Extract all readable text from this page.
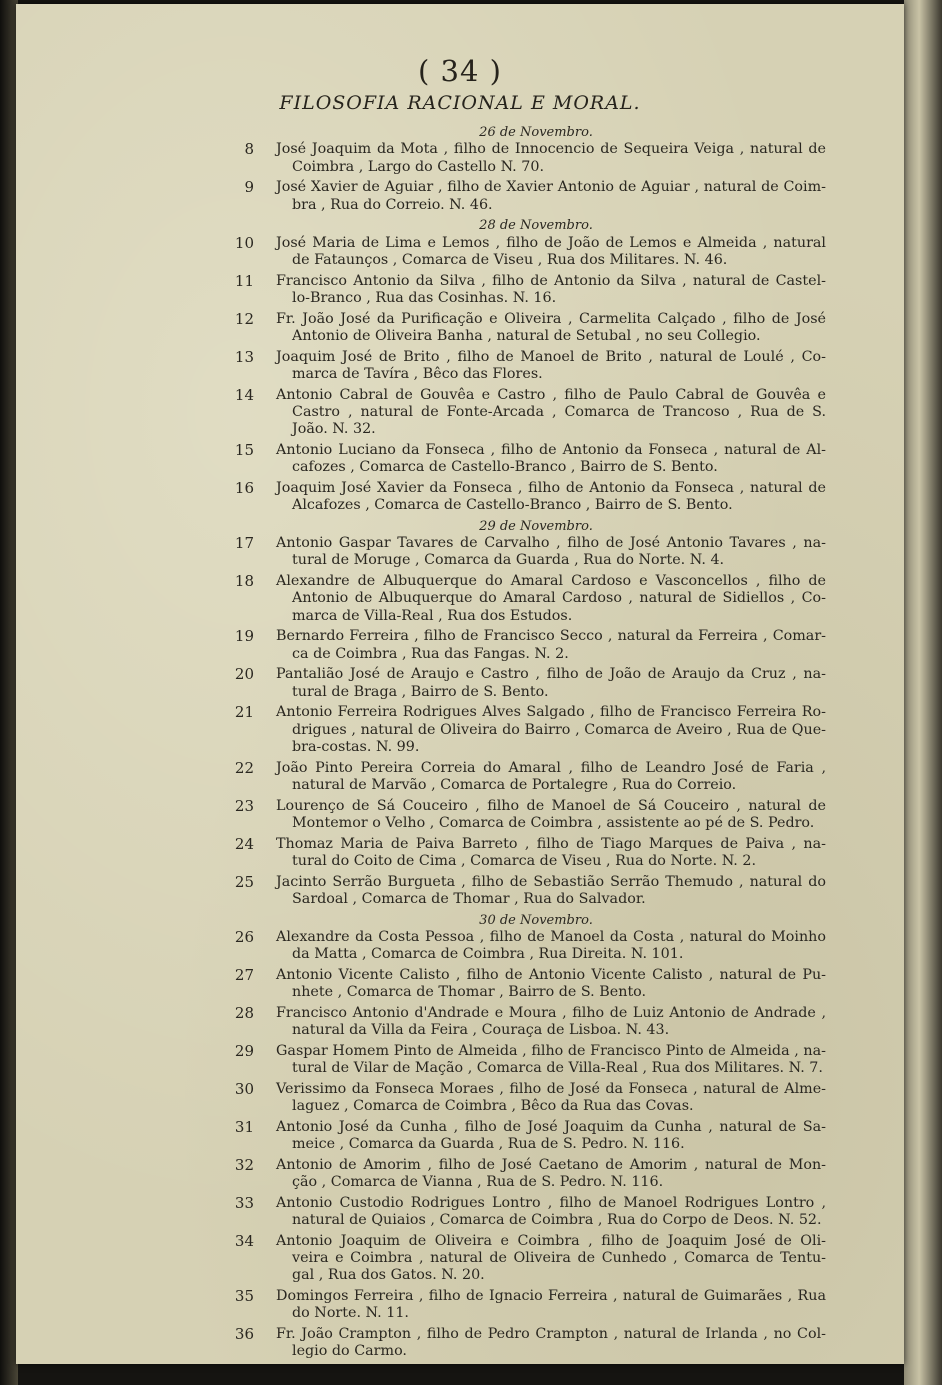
( 34 )
FILOSOFIA RACIONAL E MORAL.
26 de Novembro.
8 José Joaquim da Mota , filho de Innocencio de Sequeira Veiga , natural de
Coimbra , Largo do Castello N. 70.
9 José Xavier de Aguiar , filho de Xavier Antonio de Aguiar , natural de Coim-
bra , Rua do Correio. N. 46.
28 de Novembro.
10 José Maria de Lima e Lemos , filho de João de Lemos e Almeida , natural
de Fataunços , Comarca de Viseu , Rua dos Militares. N. 46.
11 Francisco Antonio da Silva , filho de Antonio da Silva , natural de Castel-
lo-Branco , Rua das Cosinhas. N. 16.
12 Fr. João José da Purificação e Oliveira , Carmelita Calçado , filho de José
Antonio de Oliveira Banha , natural de Setubal , no seu Collegio.
13 Joaquim José de Brito , filho de Manoel de Brito , natural de Loulé , Co-
marca de Tavíra , Bêco das Flores.
14 Antonio Cabral de Gouvêa e Castro , filho de Paulo Cabral de Gouvêa e
Castro , natural de Fonte-Arcada , Comarca de Trancoso , Rua de S.
João. N. 32.
15 Antonio Luciano da Fonseca , filho de Antonio da Fonseca , natural de Al-
cafozes , Comarca de Castello-Branco , Bairro de S. Bento.
16 Joaquim José Xavier da Fonseca , filho de Antonio da Fonseca , natural de
Alcafozes , Comarca de Castello-Branco , Bairro de S. Bento.
29 de Novembro.
17 Antonio Gaspar Tavares de Carvalho , filho de José Antonio Tavares , na-
tural de Moruge , Comarca da Guarda , Rua do Norte. N. 4.
18 Alexandre de Albuquerque do Amaral Cardoso e Vasconcellos , filho de
Antonio de Albuquerque do Amaral Cardoso , natural de Sidiellos , Co-
marca de Villa-Real , Rua dos Estudos.
19 Bernardo Ferreira , filho de Francisco Secco , natural da Ferreira , Comar-
ca de Coimbra , Rua das Fangas. N. 2.
20 Pantalião José de Araujo e Castro , filho de João de Araujo da Cruz , na-
tural de Braga , Bairro de S. Bento.
21 Antonio Ferreira Rodrigues Alves Salgado , filho de Francisco Ferreira Ro-
drigues , natural de Oliveira do Bairro , Comarca de Aveiro , Rua de Que-
bra-costas. N. 99.
22 João Pinto Pereira Correia do Amaral , filho de Leandro José de Faria ,
natural de Marvão , Comarca de Portalegre , Rua do Correio.
23 Lourenço de Sá Couceiro , filho de Manoel de Sá Couceiro , natural de
Montemor o Velho , Comarca de Coimbra , assistente ao pé de S. Pedro.
24 Thomaz Maria de Paiva Barreto , filho de Tiago Marques de Paiva , na-
tural do Coito de Cima , Comarca de Viseu , Rua do Norte. N. 2.
25 Jacinto Serrão Burgueta , filho de Sebastião Serrão Themudo , natural do
Sardoal , Comarca de Thomar , Rua do Salvador.
30 de Novembro.
26 Alexandre da Costa Pessoa , filho de Manoel da Costa , natural do Moinho
da Matta , Comarca de Coimbra , Rua Direita. N. 101.
27 Antonio Vicente Calisto , filho de Antonio Vicente Calisto , natural de Pu-
nhete , Comarca de Thomar , Bairro de S. Bento.
28 Francisco Antonio d'Andrade e Moura , filho de Luiz Antonio de Andrade ,
natural da Villa da Feira , Couraça de Lisboa. N. 43.
29 Gaspar Homem Pinto de Almeida , filho de Francisco Pinto de Almeida , na-
tural de Vilar de Mação , Comarca de Villa-Real , Rua dos Militares. N. 7.
30 Verissimo da Fonseca Moraes , filho de José da Fonseca , natural de Alme-
laguez , Comarca de Coimbra , Bêco da Rua das Covas.
31 Antonio José da Cunha , filho de José Joaquim da Cunha , natural de Sa-
meice , Comarca da Guarda , Rua de S. Pedro. N. 116.
32 Antonio de Amorim , filho de José Caetano de Amorim , natural de Mon-
ção , Comarca de Vianna , Rua de S. Pedro. N. 116.
33 Antonio Custodio Rodrigues Lontro , filho de Manoel Rodrigues Lontro ,
natural de Quiaios , Comarca de Coimbra , Rua do Corpo de Deos. N. 52.
34 Antonio Joaquim de Oliveira e Coimbra , filho de Joaquim José de Oli-
veira e Coimbra , natural de Oliveira de Cunhedo , Comarca de Tentu-
gal , Rua dos Gatos. N. 20.
35 Domingos Ferreira , filho de Ignacio Ferreira , natural de Guimarães , Rua
do Norte. N. 11.
36 Fr. João Crampton , filho de Pedro Crampton , natural de Irlanda , no Col-
legio do Carmo.
